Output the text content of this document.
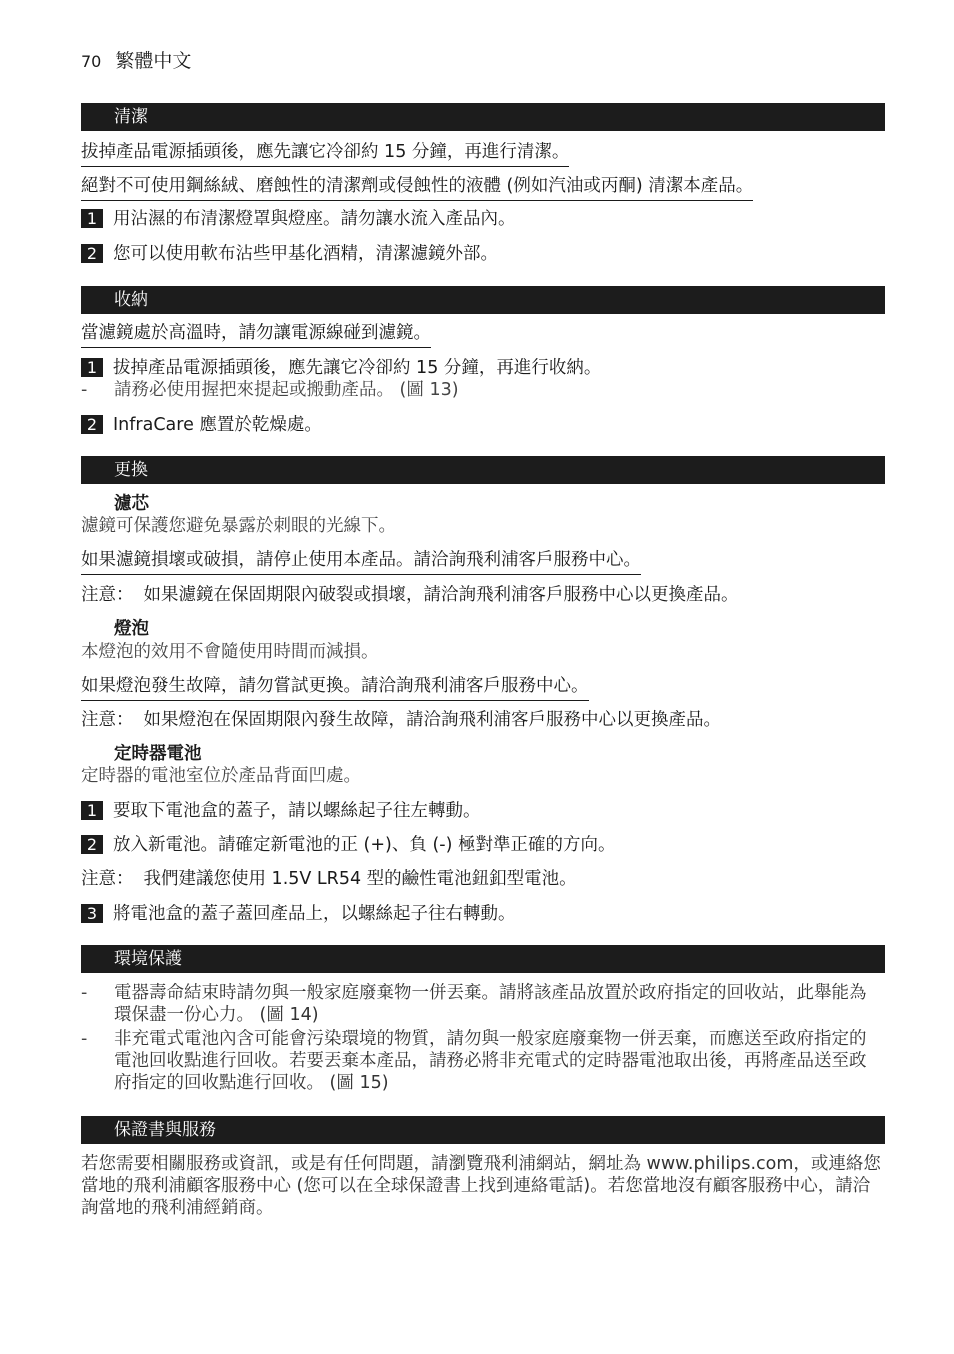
70 繁體中文
清潔
拔掉產品電源插頭後，應先讓它冷卻約 15 分鐘，再進行清潔。
絕對不可使用鋼絲絨、磨蝕性的清潔劑或侵蝕性的液體 (例如汽油或丙酮) 清潔本產品。
1 用沾濕的布清潔燈罩與燈座。請勿讓水流入產品內。
2 您可以使用軟布沾些甲基化酒精，清潔濾鏡外部。
收納
當濾鏡處於高溫時，請勿讓電源線碰到濾鏡。
1 拔掉產品電源插頭後，應先讓它冷卻約 15 分鐘，再進行收納。
- 請務必使用握把來提起或搬動產品。 (圖 13)
2 InfraCare 應置於乾燥處。
更換
濾芯
濾鏡可保護您避免暴露於刺眼的光線下。
如果濾鏡損壞或破損，請停止使用本產品。請洽詢飛利浦客戶服務中心。
注意： 如果濾鏡在保固期限內破裂或損壞，請洽詢飛利浦客戶服務中心以更換產品。
燈泡
本燈泡的效用不會隨使用時間而減損。
如果燈泡發生故障，請勿嘗試更換。請洽詢飛利浦客戶服務中心。
注意： 如果燈泡在保固期限內發生故障，請洽詢飛利浦客戶服務中心以更換產品。
定時器電池
定時器的電池室位於產品背面凹處。
1 要取下電池盒的蓋子，請以螺絲起子往左轉動。
2 放入新電池。請確定新電池的正 (+)、負 (-) 極對準正確的方向。
注意： 我們建議您使用 1.5V LR54 型的鹼性電池鈕釦型電池。
3 將電池盒的蓋子蓋回產品上，以螺絲起子往右轉動。
環境保護
-	電器壽命結束時請勿與一般家庭廢棄物一併丟棄。請將該產品放置於政府指定的回收站，此舉能為環保盡一份心力。 (圖 14)
-	非充電式電池內含可能會污染環境的物質，請勿與一般家庭廢棄物一併丟棄，而應送至政府指定的電池回收點進行回收。若要丟棄本產品，請務必將非充電式的定時器電池取出後，再將產品送至政府指定的回收點進行回收。 (圖 15)
保證書與服務
若您需要相關服務或資訊，或是有任何問題，請瀏覽飛利浦網站，網址為 www.philips.com，或連絡您當地的飛利浦顧客服務中心 (您可以在全球保證書上找到連絡電話)。若您當地沒有顧客服務中心，請洽詢當地的飛利浦經銷商。
